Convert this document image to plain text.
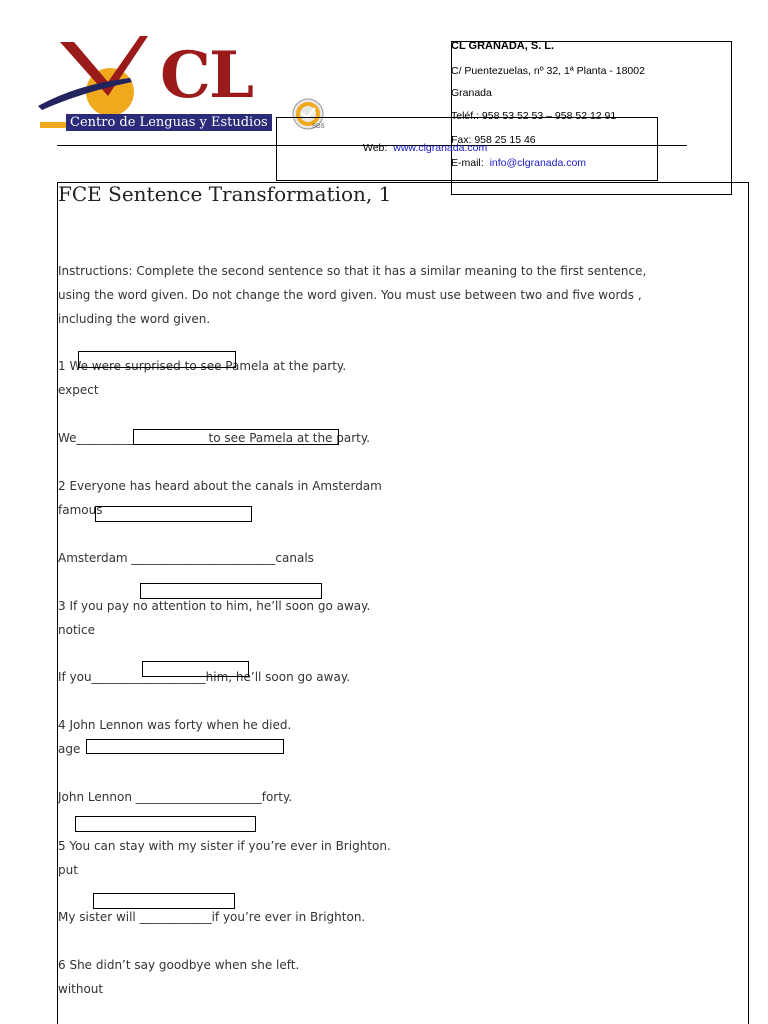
CL
Centro de Lenguas y Estudios	SGS
CL GRANADA, S. L.
C/ Puentezuelas, nº 32, 1ª Planta - 18002
Granada
Teléf.: 958 53 52 53 – 958 52 12 91
Fax: 958 25 15 46
Web: www.clgranada.com
E-mail: info@clgranada.com
FCE Sentence Transformation, 1
Instructions: Complete the second sentence so that it has a similar meaning to the first sentence,
using the word given. Do not change the word given. You must use between two and five words ,
including the word given.
1 We were surprised to see Pamela at the party.
expect
We______________________to see Pamela at the party.
2 Everyone has heard about the canals in Amsterdam
famous
Amsterdam ________________________canals
3 If you pay no attention to him, he’ll soon go away.
notice
If you___________________him, he’ll soon go away.
4 John Lennon was forty when he died.
age
John Lennon _____________________forty.
5 You can stay with my sister if you’re ever in Brighton.
put
My sister will ____________if you’re ever in Brighton.
6 She didn’t say goodbye when she left.
without
